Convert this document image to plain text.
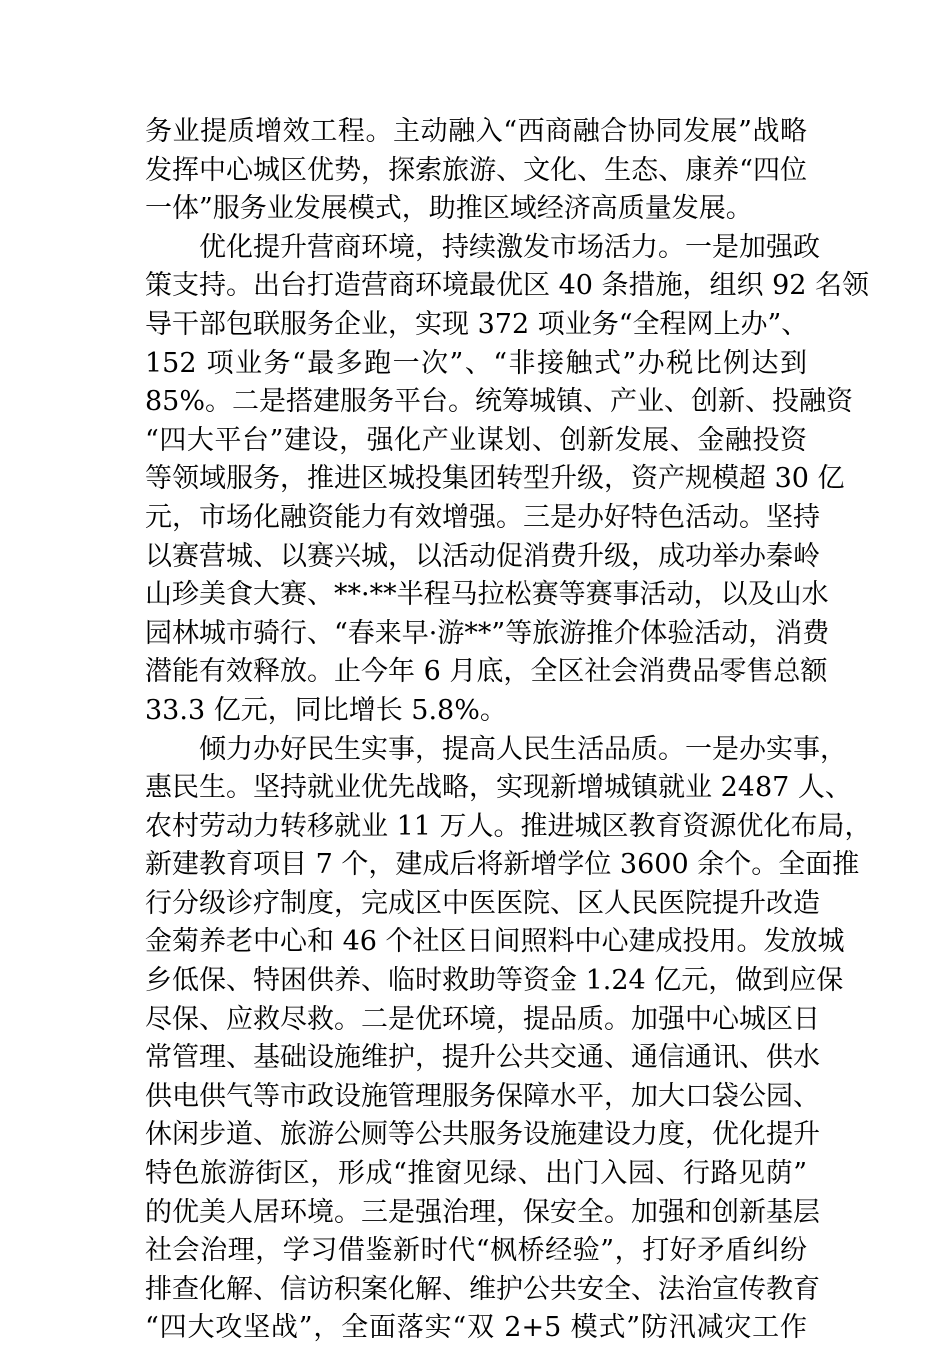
务业提质增效工程。主动融入“西商融合协同发展”战略
发挥中心城区优势，探索旅游、文化、生态、康养“四位
一体”服务业发展模式，助推区域经济高质量发展。
优化提升营商环境，持续激发市场活力。一是加强政
策支持。出台打造营商环境最优区 40 条措施，组织 92 名领
导干部包联服务企业，实现 372 项业务“全程网上办”、
152 项业务“最多跑一次”、“非接触式”办税比例达到
85%。二是搭建服务平台。统筹城镇、产业、创新、投融资
“四大平台”建设，强化产业谋划、创新发展、金融投资
等领域服务，推进区城投集团转型升级，资产规模超 30 亿
元，市场化融资能力有效增强。三是办好特色活动。坚持
以赛营城、以赛兴城，以活动促消费升级，成功举办秦岭
山珍美食大赛、**·**半程马拉松赛等赛事活动，以及山水
园林城市骑行、“春来早·游**”等旅游推介体验活动，消费
潜能有效释放。止今年 6 月底，全区社会消费品零售总额
33.3 亿元，同比增长 5.8%。
倾力办好民生实事，提高人民生活品质。一是办实事，
惠民生。坚持就业优先战略，实现新增城镇就业 2487 人、
农村劳动力转移就业 11 万人。推进城区教育资源优化布局，
新建教育项目 7 个，建成后将新增学位 3600 余个。全面推
行分级诊疗制度，完成区中医医院、区人民医院提升改造
金菊养老中心和 46 个社区日间照料中心建成投用。发放城
乡低保、特困供养、临时救助等资金 1.24 亿元，做到应保
尽保、应救尽救。二是优环境，提品质。加强中心城区日
常管理、基础设施维护，提升公共交通、通信通讯、供水
供电供气等市政设施管理服务保障水平，加大口袋公园、
休闲步道、旅游公厕等公共服务设施建设力度，优化提升
特色旅游街区，形成“推窗见绿、出门入园、行路见荫”
的优美人居环境。三是强治理，保安全。加强和创新基层
社会治理，学习借鉴新时代“枫桥经验”，打好矛盾纠纷
排查化解、信访积案化解、维护公共安全、法治宣传教育
“四大攻坚战”，全面落实“双 2+5 模式”防汛减灾工作
